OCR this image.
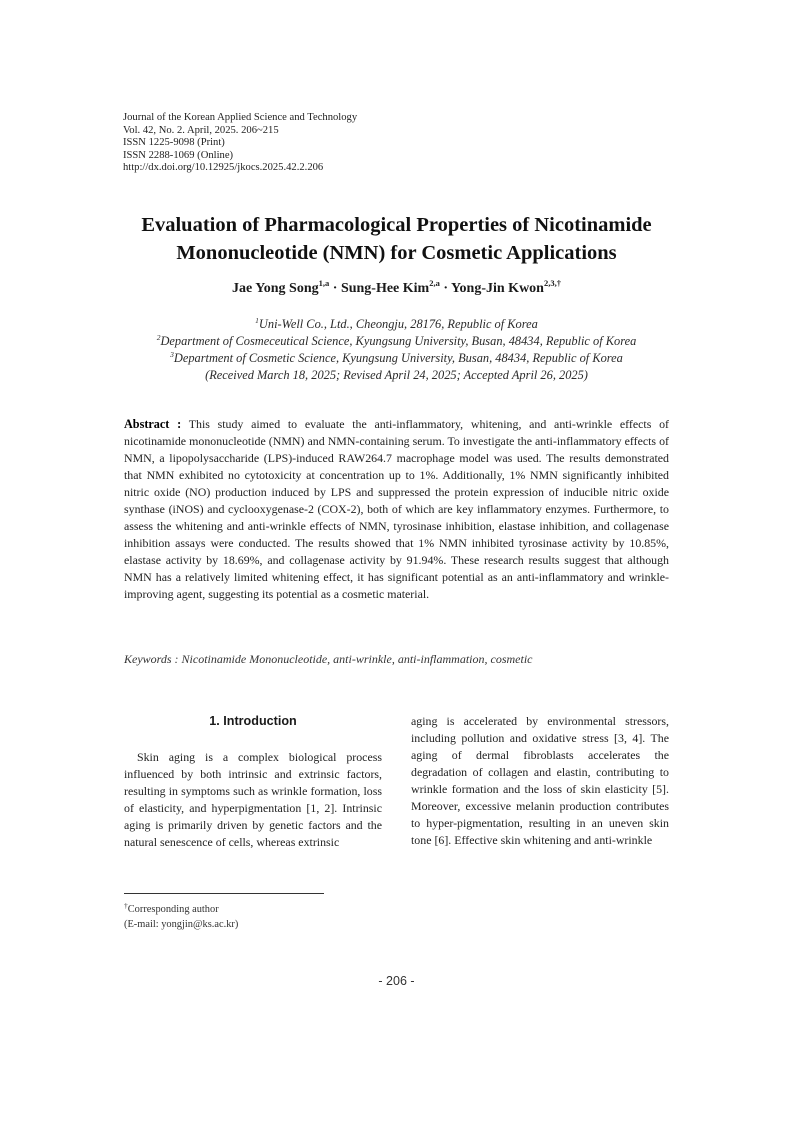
Journal of the Korean Applied Science and Technology
Vol. 42, No. 2. April, 2025. 206~215
ISSN 1225-9098 (Print)
ISSN 2288-1069 (Online)
http://dx.doi.org/10.12925/jkocs.2025.42.2.206
Evaluation of Pharmacological Properties of Nicotinamide
Mononucleotide (NMN) for Cosmetic Applications
Jae Yong Song$^{1,a}$ · Sung-Hee Kim$^{2,a}$ · Yong-Jin Kwon$^{2,3,\dagger}$
$^1$Uni-Well Co., Ltd., Cheongju, 28176, Republic of Korea
$^2$Department of Cosmeceutical Science, Kyungsung University, Busan, 48434, Republic of Korea
$^3$Department of Cosmetic Science, Kyungsung University, Busan, 48434, Republic of Korea
(Received March 18, 2025; Revised April 24, 2025; Accepted April 26, 2025)
Abstract : This study aimed to evaluate the anti-inflammatory, whitening, and anti-wrinkle effects of nicotinamide mononucleotide (NMN) and NMN-containing serum. To investigate the anti-inflammatory effects of NMN, a lipopolysaccharide (LPS)-induced RAW264.7 macrophage model was used. The results demonstrated that NMN exhibited no cytotoxicity at concentration up to 1%. Additionally, 1% NMN significantly inhibited nitric oxide (NO) production induced by LPS and suppressed the protein expression of inducible nitric oxide synthase (iNOS) and cyclooxygenase-2 (COX-2), both of which are key inflammatory enzymes. Furthermore, to assess the whitening and anti-wrinkle effects of NMN, tyrosinase inhibition, elastase inhibition, and collagenase inhibition assays were conducted. The results showed that 1% NMN inhibited tyrosinase activity by 10.85%, elastase activity by 18.69%, and collagenase activity by 91.94%. These research results suggest that although NMN has a relatively limited whitening effect, it has significant potential as an anti-inflammatory and wrinkle-improving agent, suggesting its potential as a cosmetic material.
Keywords : Nicotinamide Mononucleotide, anti-wrinkle, anti-inflammation, cosmetic
1. Introduction

Skin aging is a complex biological process influenced by both intrinsic and extrinsic factors, resulting in symptoms such as wrinkle formation, loss of elasticity, and hyperpigmentation [1, 2]. Intrinsic aging is primarily driven by genetic factors and the natural senescence of cells, whereas extrinsic

aging is accelerated by environmental stressors, including pollution and oxidative stress [3, 4]. The aging of dermal fibroblasts accelerates the degradation of collagen and elastin, contributing to wrinkle formation and the loss of skin elasticity [5]. Moreover, excessive melanin production contributes to hyper-pigmentation, resulting in an uneven skin tone [6]. Effective skin whitening and anti-wrinkle

†Corresponding author
(E-mail: yongjin@ks.ac.kr)
- 206 -
